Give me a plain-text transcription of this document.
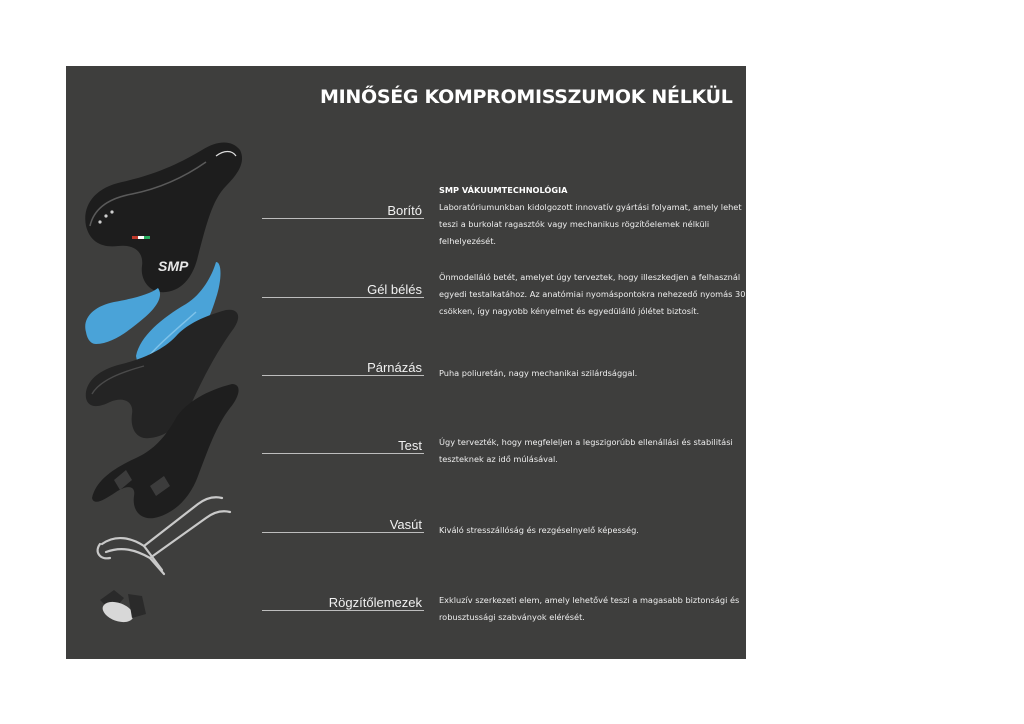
MINŐSÉG KOMPROMISSZUMOK NÉLKÜL
SMP
Borító
SMP VÁKUUMTECHNOLÓGIA
Laboratóriumunkban kidolgozott innovatív gyártási folyamat, amely lehet
teszi a burkolat ragasztók vagy mechanikus rögzítőelemek nélküli
felhelyezését.
Gél bélés
Önmodelláló betét, amelyet úgy terveztek, hogy illeszkedjen a felhasznál
egyedi testalkatához. Az anatómiai nyomáspontokra nehezedő nyomás 30
csökken, így nagyobb kényelmet és egyedülálló jólétet biztosít.
Párnázás Puha poliuretán, nagy mechanikai szilárdsággal.
Test Úgy tervezték, hogy megfeleljen a legszigorúbb ellenállási és stabilitási
teszteknek az idő múlásával.
Vasút Kiváló stresszállóság és rezgéselnyelő képesség.
Rögzítőlemezek Exkluzív szerkezeti elem, amely lehetővé teszi a magasabb biztonsági és
robusztussági szabványok elérését.
